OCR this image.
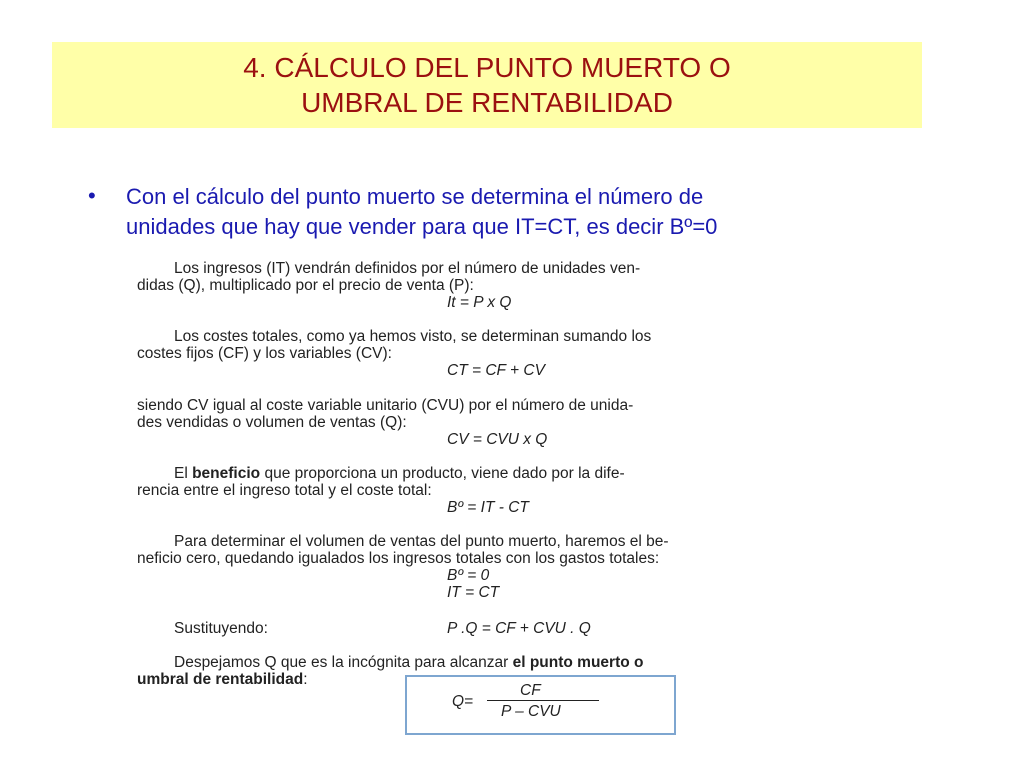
4. CÁLCULO DEL PUNTO MUERTO O
UMBRAL DE RENTABILIDAD
• Con el cálculo del punto muerto se determina el número de
unidades que hay que vender para que IT=CT, es decir Bº=0
Los ingresos (IT) vendrán definidos por el número de unidades ven-
didas (Q), multiplicado por el precio de venta (P):
It = P x Q
Los costes totales, como ya hemos visto, se determinan sumando los
costes fijos (CF) y los variables (CV):
CT = CF + CV
siendo CV igual al coste variable unitario (CVU) por el número de unida-
des vendidas o volumen de ventas (Q):
CV = CVU x Q
El beneficio que proporciona un producto, viene dado por la dife-
rencia entre el ingreso total y el coste total:
Bº = IT - CT
Para determinar el volumen de ventas del punto muerto, haremos el be-
neficio cero, quedando igualados los ingresos totales con los gastos totales:
Bº = 0
IT = CT
Sustituyendo:	P .Q = CF + CVU . Q
Despejamos Q que es la incógnita para alcanzar el punto muerto o
umbral de rentabilidad:
Q=
CF
P – CVU
